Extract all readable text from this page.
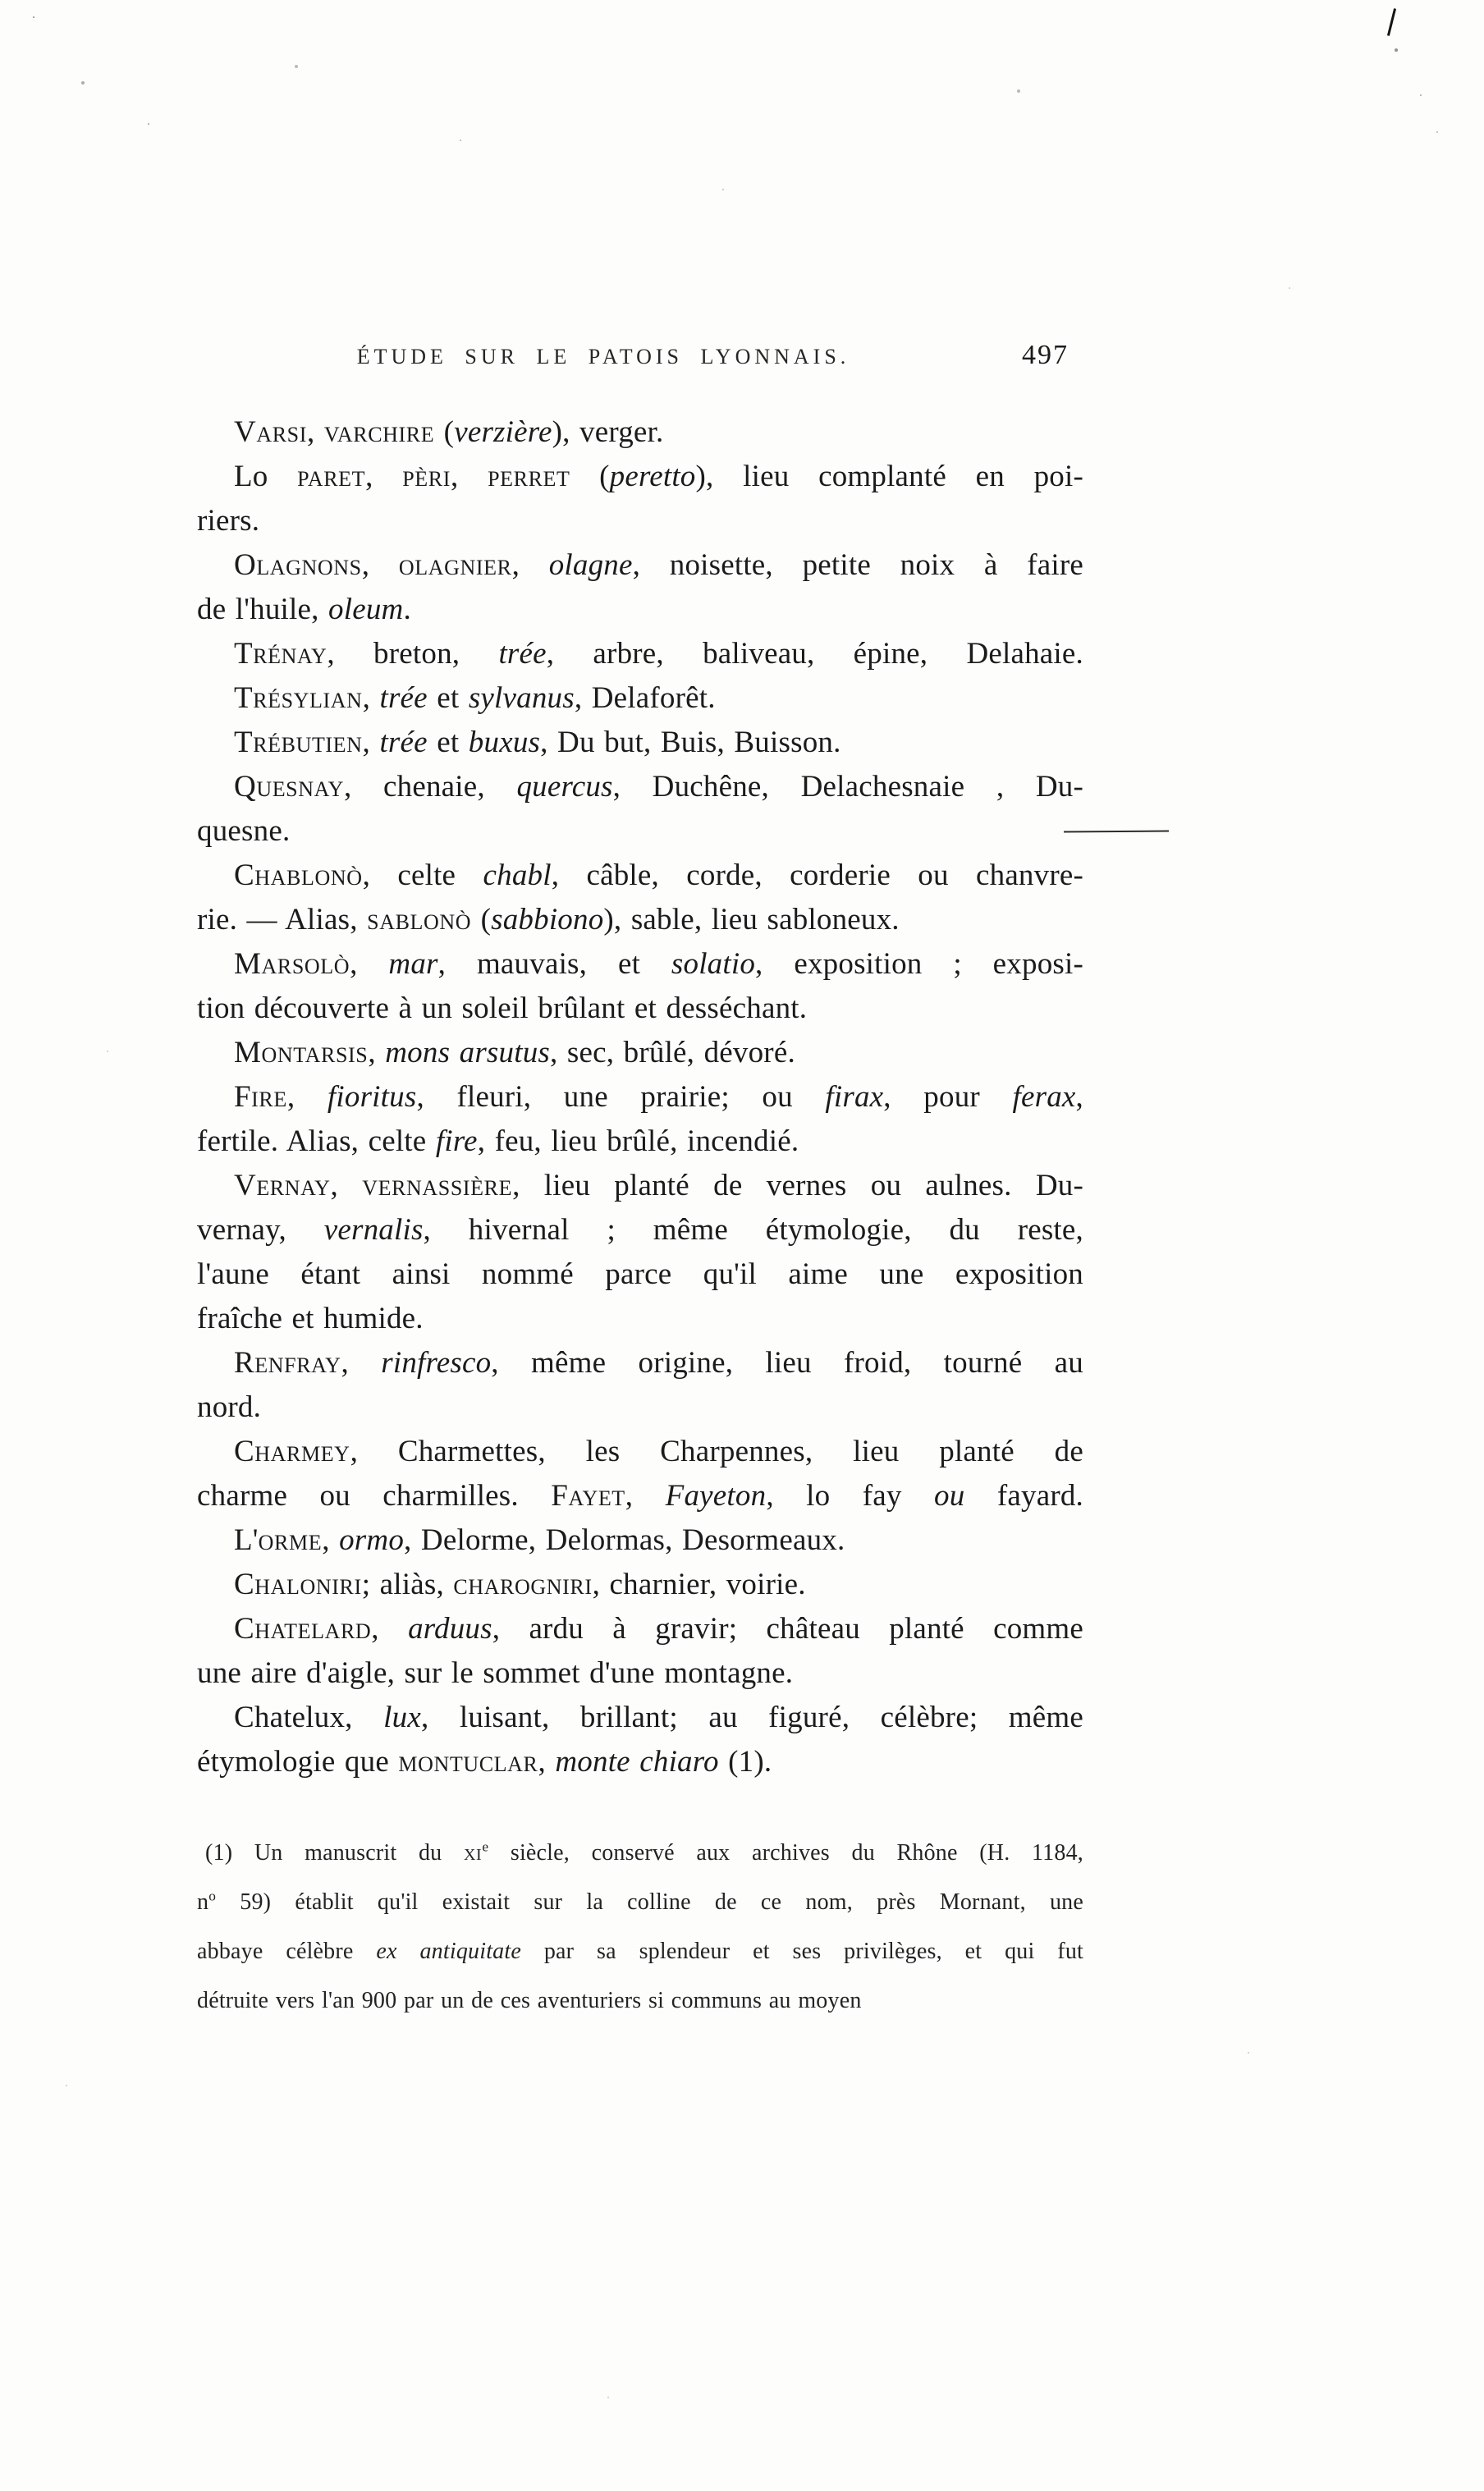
ÉTUDE SUR LE PATOIS LYONNAIS.	497
Varsi, varchire (verzière), verger.
Lo paret, pèri, perret (peretto), lieu complanté en poi-
riers.
Olagnons, olagnier, olagne, noisette, petite noix à faire
de l'huile, oleum.
Trénay, breton, trée, arbre, baliveau, épine, Delahaie.
Trésylian, trée et sylvanus, Delaforêt.
Trébutien, trée et buxus, Du but, Buis, Buisson.
Quesnay, chenaie, quercus, Duchêne, Delachesnaie , Du-
quesne.
Chablonò, celte chabl, câble, corde, corderie ou chanvre-
rie. — Alias, sablonò (sabbiono), sable, lieu sabloneux.
Marsolò, mar, mauvais, et solatio, exposition ; exposi-
tion découverte à un soleil brûlant et desséchant.
Montarsis, mons arsutus, sec, brûlé, dévoré.
Fire, fioritus, fleuri, une prairie; ou firax, pour ferax,
fertile. Alias, celte fire, feu, lieu brûlé, incendié.
Vernay, vernassière, lieu planté de vernes ou aulnes. Du-
vernay, vernalis, hivernal ; même étymologie, du reste,
l'aune étant ainsi nommé parce qu'il aime une exposition
fraîche et humide.
Renfray, rinfresco, même origine, lieu froid, tourné au
nord.
Charmey, Charmettes, les Charpennes, lieu planté de
charme ou charmilles. Fayet, Fayeton, lo fay ou fayard.
L'orme, ormo, Delorme, Delormas, Desormeaux.
Chaloniri; aliàs, charogniri, charnier, voirie.
Chatelard, arduus, ardu à gravir; château planté comme
une aire d'aigle, sur le sommet d'une montagne.
Chatelux, lux, luisant, brillant; au figuré, célèbre; même
étymologie que montuclar, monte chiaro (1).
(1) Un manuscrit du $xi^e$ siècle, conservé aux archives du Rhône (H. 1184,
$n^o$ 59) établit qu'il existait sur la colline de ce nom, près Mornant, une
abbaye célèbre ex antiquitate par sa splendeur et ses privilèges, et qui fut
détruite vers l'an 900 par un de ces aventuriers si communs au moyen
